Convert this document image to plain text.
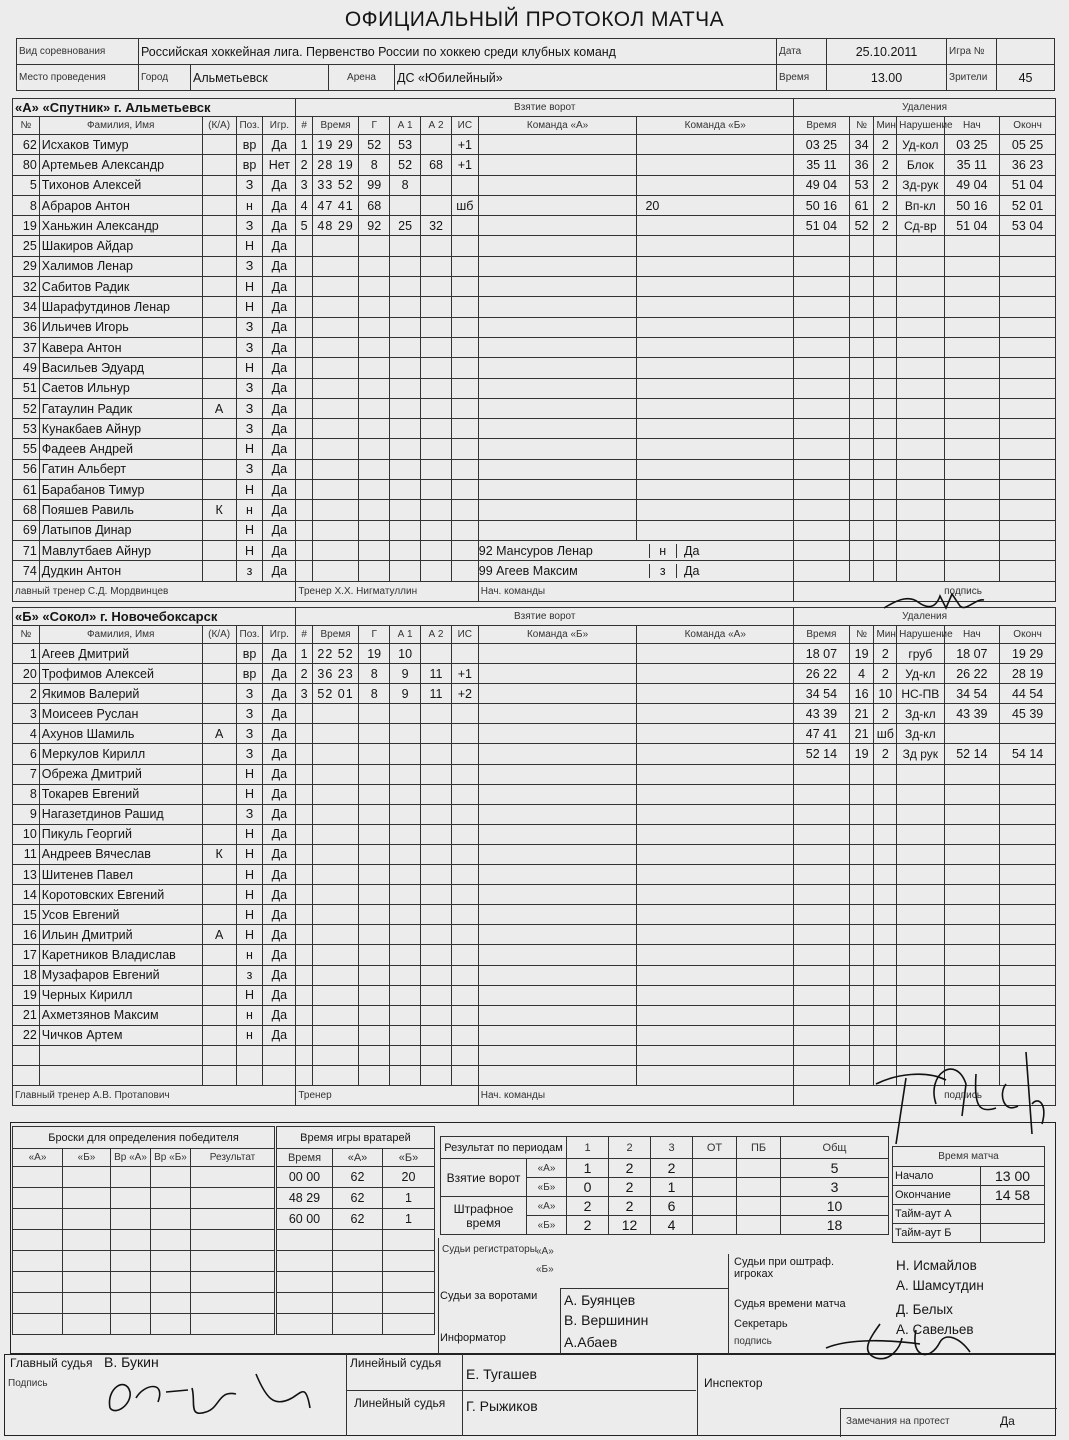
ОФИЦИАЛЬНЫЙ ПРОТОКОЛ МАТЧА
Вид соревнования	Российская хоккейная лига. Первенство России по хоккею среди клубных команд				Дата	25.10.2011	Игра №	
Место проведения	Город	Альметьевск	Арена	ДС «Юбилейный»	Время	13.00	Зрители	45
«А» «Спутник» г. Альметьевск					Взятие ворот								Удаления					
№	Фамилия, Имя	(К/А)	Поз.	Игр.	#	Время	Г	А 1	А 2	ИС	Команда «А»	Команда «Б»	Время	№	Мин	Нарушение	Нач	Оконч
62	Исхаков Тимур		вр	Да	1	19 29	52	53		+1			03 25	34	2	Уд-кол	03 25	05 25
80	Артемьев Александр		вр	Нет	2	28 19	8	52	68	+1			35 11	36	2	Блок	35 11	36 23
5	Тихонов Алексей		З	Да	3	33 52	99	8					49 04	53	2	Зд-рук	49 04	51 04
8	Абраров Антон		н	Да	4	47 41	68			шб		20	50 16	61	2	Вп-кл	50 16	52 01
19	Ханьжин Александр		З	Да	5	48 29	92	25	32				51 04	52	2	Сд-вр	51 04	53 04
25	Шакиров Айдар		Н	Да														
29	Халимов Ленар		З	Да														
32	Сабитов Радик		Н	Да														
34	Шарафутдинов Ленар		Н	Да														
36	Ильичев Игорь		З	Да														
37	Кавера Антон		З	Да														
49	Васильев Эдуард		Н	Да														
51	Саетов Ильнур		З	Да														
52	Гатаулин Радик	А	З	Да														
53	Кунакбаев Айнур		З	Да														
55	Фадеев Андрей		Н	Да														
56	Гатин Альберт		З	Да														
61	Барабанов Тимур		Н	Да														
68	Пояшев Равиль	К	н	Да														
69	Латыпов Динар		Н	Да														
71	Мавлутбаев Айнур		Н	Да							92 Мансуров Ленар н Да							
74	Дудкин Антон		з	Да							99 Агеев Максим з Да							
лавный тренер С.Д. Мордвинцев					Тренер Х.Х. Нигматуллин						Нач. команды		подпись					
«Б» «Сокол» г. Новочебоксарск					Взятие ворот								Удаления					
№	Фамилия, Имя	(К/А)	Поз.	Игр.	#	Время	Г	А 1	А 2	ИС	Команда «Б»	Команда «А»	Время	№	Мин	Нарушение	Нач	Оконч
1	Агеев Дмитрий		вр	Да	1	22 52	19	10					18 07	19	2	груб	18 07	19 29
20	Трофимов Алексей		вр	Да	2	36 23	8	9	11	+1			26 22	4	2	Уд-кл	26 22	28 19
2	Якимов Валерий		З	Да	3	52 01	8	9	11	+2			34 54	16	10	НС-ПВ	34 54	44 54
3	Моисеев Руслан		З	Да									43 39	21	2	Зд-кл	43 39	45 39
4	Ахунов Шамиль	А	З	Да									47 41	21	шб	Зд-кл		
6	Меркулов Кирилл		З	Да									52 14	19	2	Зд рук	52 14	54 14
7	Обрежа Дмитрий		Н	Да														
8	Токарев Евгений		Н	Да														
9	Нагазетдинов Рашид		З	Да														
10	Пикуль Георгий		Н	Да														
11	Андреев Вячеслав	К	Н	Да														
13	Шитенев Павел		Н	Да														
14	Коротовских Евгений		Н	Да														
15	Усов Евгений		Н	Да														
16	Ильин Дмитрий	А	Н	Да														
17	Каретников Владислав		н	Да														
18	Музафаров Евгений		з	Да														
19	Черных Кирилл		Н	Да														
21	Ахметзянов Максим		н	Да														
22	Чичков Артем		н	Да														

Главный тренер А.В. Протапович					Тренер						Нач. команды		подпись					
Броски для определения победителя				
«А»	«Б»	Вр «А»	Вр «Б»	Результат

Время игры вратарей		
Время	«А»	«Б»
00 00	62	20
48 29	62	1
60 00	62	1

Результат по периодам		1	2	3	ОТ	ПБ	Общ
Взятие ворот	«А»	1	2	2			5
	«Б»	0	2	1			3
Штрафное время	«А»	2	2	6			10
	«Б»	2	12	4			18
Время матча	
Начало	13 00
Окончание	14 58
Тайм-аут А	
Тайм-аут Б	
Судьи регистраторы «А»
«Б»
Судьи за воротами	А. Буянцев
В. Вершинин
Информатор	А.Абаев
Судьи при оштраф. игроках
Н. Исмайлов
А. Шамсутдин
Судья времени матча	Д. Белых
Секретарь	А. Савельев
подпись
Главный судья В. Букин
Подпись
Линейный судья
Е. Тугашев
Линейный судья Г. Рыжиков
Инспектор
Замечания на протест	Да
